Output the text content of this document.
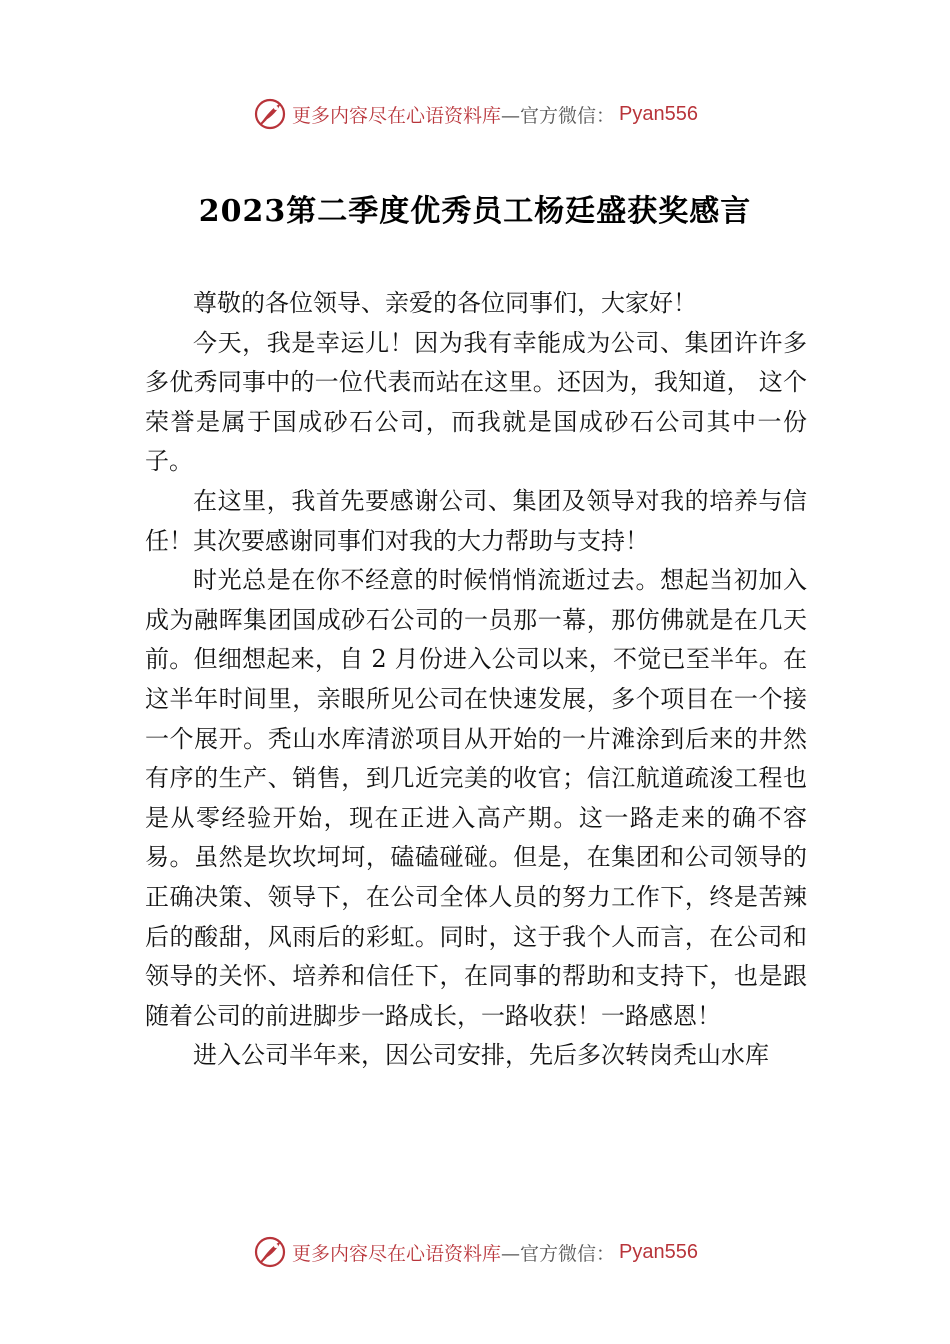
更多内容尽在心语资料库 —官方微信： Pyan556
2023第二季度优秀员工杨廷盛获奖感言

尊敬的各位领导、亲爱的各位同事们，大家好！

今天，我是幸运儿！因为我有幸能成为公司、集团许许多多优秀同事中的一位代表而站在这里。还因为，我知道， 这个荣誉是属于国成砂石公司，而我就是国成砂石公司其中一份子。

在这里，我首先要感谢公司、集团及领导对我的培养与信任！其次要感谢同事们对我的大力帮助与支持！

时光总是在你不经意的时候悄悄流逝过去。想起当初加入成为融晖集团国成砂石公司的一员那一幕，那仿佛就是在几天前。但细想起来，自 2 月份进入公司以来，不觉已至半年。在这半年时间里，亲眼所见公司在快速发展，多个项目在一个接一个展开。秃山水库清淤项目从开始的一片滩涂到后来的井然有序的生产、销售，到几近完美的收官；信江航道疏浚工程也是从零经验开始，现在正进入高产期。这一路走来的确不容易。虽然是坎坎坷坷，磕磕碰碰。但是，在集团和公司领导的正确决策、领导下，在公司全体人员的努力工作下，终是苦辣后的酸甜，风雨后的彩虹。同时，这于我个人而言，在公司和领导的关怀、培养和信任下，在同事的帮助和支持下，也是跟随着公司的前进脚步一路成长，一路收获！一路感恩！

进入公司半年来，因公司安排，先后多次转岗秃山水库

更多内容尽在心语资料库 —官方微信： Pyan556
